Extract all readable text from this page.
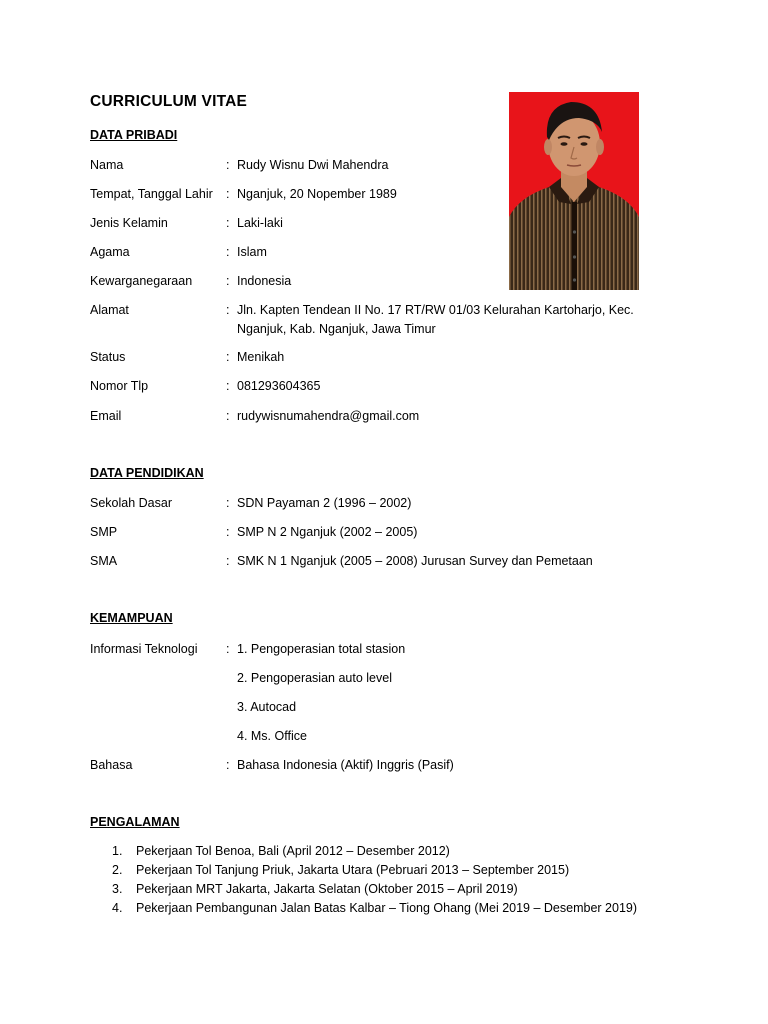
CURRICULUM VITAE
DATA PRIBADI
Nama	: Rudy Wisnu Dwi Mahendra
Tempat, Tanggal Lahir : Nganjuk, 20 Nopember 1989
Jenis Kelamin	: Laki-laki
Agama	: Islam
Kewarganegaraan	: Indonesia
Alamat	: Jln. Kapten Tendean II No. 17 RT/RW 01/03 Kelurahan Kartoharjo, Kec. Nganjuk, Kab. Nganjuk, Jawa Timur
Status	: Menikah
Nomor Tlp	: 081293604365
Email	: rudywisnumahendra@gmail.com
DATA PENDIDIKAN
Sekolah Dasar	: SDN Payaman 2 (1996 – 2002)
SMP	: SMP N 2 Nganjuk (2002 – 2005)
SMA	: SMK N 1 Nganjuk (2005 – 2008) Jurusan Survey dan Pemetaan
KEMAMPUAN
Informasi Teknologi : 1. Pengoperasian total stasion
2. Pengoperasian auto level
3. Autocad
4. Ms. Office
Bahasa	: Bahasa Indonesia (Aktif) Inggris (Pasif)
PENGALAMAN
1. Pekerjaan Tol Benoa, Bali (April 2012 – Desember 2012)
2. Pekerjaan Tol Tanjung Priuk, Jakarta Utara (Pebruari 2013 – September 2015)
3. Pekerjaan MRT Jakarta, Jakarta Selatan (Oktober 2015 – April 2019)
4. Pekerjaan Pembangunan Jalan Batas Kalbar – Tiong Ohang (Mei 2019 – Desember 2019)
